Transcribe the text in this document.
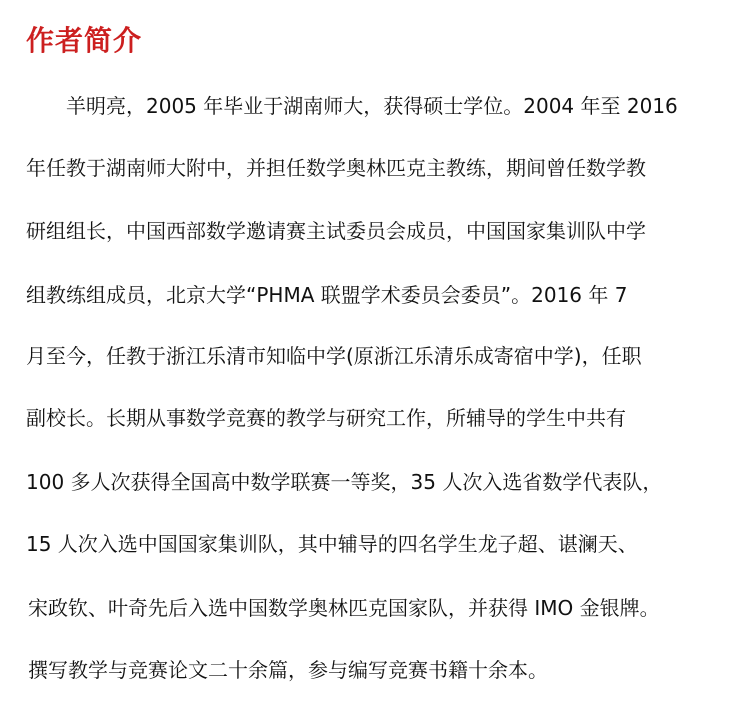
作者简介
羊明亮，2005 年毕业于湖南师大，获得硕士学位。2004 年至 2016
年任教于湖南师大附中，并担任数学奥林匹克主教练，期间曾任数学教
研组组长，中国西部数学邀请赛主试委员会成员，中国国家集训队中学
组教练组成员，北京大学“PHMA 联盟学术委员会委员”。2016 年 7
月至今，任教于浙江乐清市知临中学(原浙江乐清乐成寄宿中学)，任职
副校长。长期从事数学竞赛的教学与研究工作，所辅导的学生中共有
100 多人次获得全国高中数学联赛一等奖，35 人次入选省数学代表队，
15 人次入选中国国家集训队，其中辅导的四名学生龙子超、谌澜天、
宋政钦、叶奇先后入选中国数学奥林匹克国家队，并获得 IMO 金银牌。
撰写教学与竞赛论文二十余篇，参与编写竞赛书籍十余本。
